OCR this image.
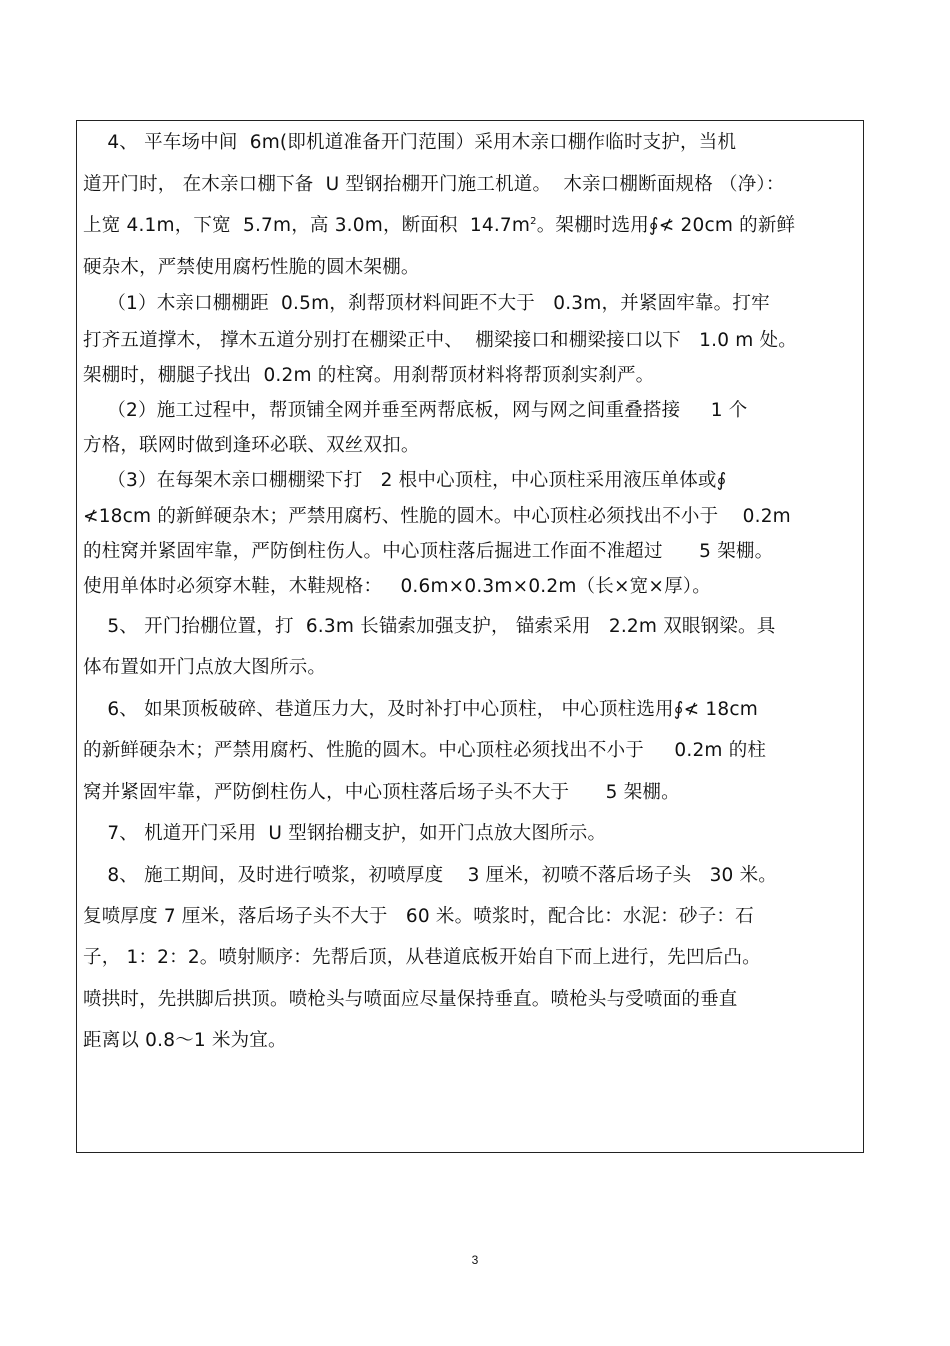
4、 平车场中间  6m(即机道准备开门范围）采用木亲口棚作临时支护，当机
道开门时， 在木亲口棚下备  U 型钢抬棚开门施工机道。  木亲口棚断面规格 （净）：
上宽 4.1m，下宽  5.7m，高 3.0m，断面积  $14.7m^2$。架棚时选用∮≮ 20cm 的新鲜
硬杂木，严禁使用腐朽性脆的圆木架棚。
（1）木亲口棚棚距  0.5m，刹帮顶材料间距不大于   0.3m，并紧固牢靠。打牢
打齐五道撑木， 撑木五道分别打在棚梁正中、  棚梁接口和棚梁接口以下   1.0 m 处。
架棚时，棚腿子找出  0.2m 的柱窝。用刹帮顶材料将帮顶刹实刹严。
（2）施工过程中，帮顶铺全网并垂至两帮底板，网与网之间重叠搭接     1 个
方格，联网时做到逢环必联、双丝双扣。
（3）在每架木亲口棚棚梁下打   2 根中心顶柱，中心顶柱采用液压单体或∮
≮18cm 的新鲜硬杂木；严禁用腐朽、性脆的圆木。中心顶柱必须找出不小于    0.2m
的柱窝并紧固牢靠，严防倒柱伤人。中心顶柱落后掘进工作面不准超过      5 架棚。
使用单体时必须穿木鞋，木鞋规格：   0.6m×0.3m×0.2m（长×宽×厚）。
5、 开门抬棚位置，打  6.3m 长锚索加强支护， 锚索采用   2.2m 双眼钢梁。具
体布置如开门点放大图所示。
6、 如果顶板破碎、巷道压力大，及时补打中心顶柱， 中心顶柱选用∮≮ 18cm
的新鲜硬杂木；严禁用腐朽、性脆的圆木。中心顶柱必须找出不小于     0.2m 的柱
窝并紧固牢靠，严防倒柱伤人，中心顶柱落后场子头不大于      5 架棚。
7、 机道开门采用  U 型钢抬棚支护，如开门点放大图所示。
8、 施工期间，及时进行喷浆，初喷厚度    3 厘米，初喷不落后场子头   30 米。
复喷厚度 7 厘米，落后场子头不大于   60 米。喷浆时，配合比：水泥：砂子：石
子， 1：2：2。喷射顺序：先帮后顶，从巷道底板开始自下而上进行，先凹后凸。
喷拱时，先拱脚后拱顶。喷枪头与喷面应尽量保持垂直。喷枪头与受喷面的垂直
距离以 0.8～1 米为宜。
3
